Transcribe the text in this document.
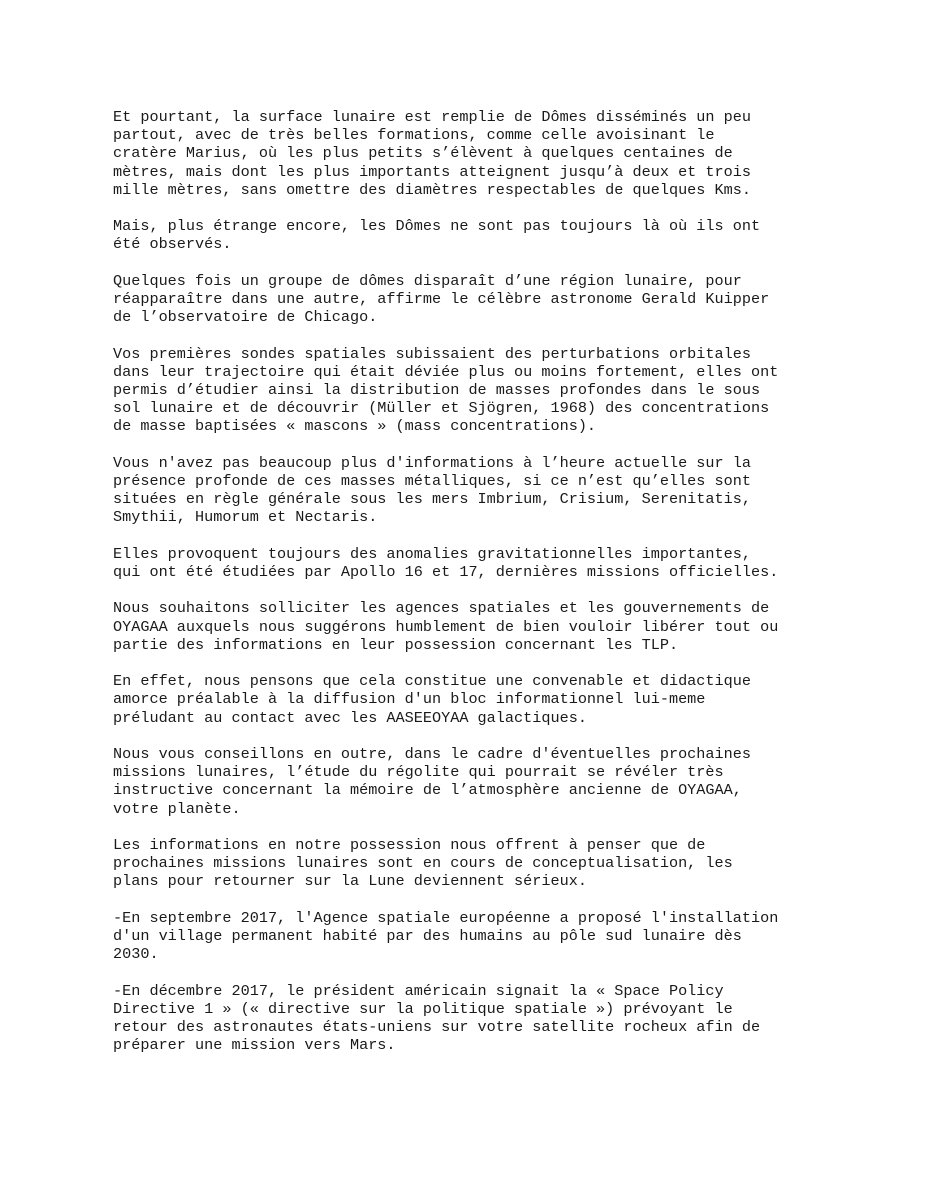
Et pourtant, la surface lunaire est remplie de Dômes disséminés un peu
partout, avec de très belles formations, comme celle avoisinant le
cratère Marius, où les plus petits s’élèvent à quelques centaines de
mètres, mais dont les plus importants atteignent jusqu’à deux et trois
mille mètres, sans omettre des diamètres respectables de quelques Kms.
Mais, plus étrange encore, les Dômes ne sont pas toujours là où ils ont
été observés.
Quelques fois un groupe de dômes disparaît d’une région lunaire, pour
réapparaître dans une autre, affirme le célèbre astronome Gerald Kuipper
de l’observatoire de Chicago.
Vos premières sondes spatiales subissaient des perturbations orbitales
dans leur trajectoire qui était déviée plus ou moins fortement, elles ont
permis d’étudier ainsi la distribution de masses profondes dans le sous
sol lunaire et de découvrir (Müller et Sjögren, 1968) des concentrations
de masse baptisées « mascons » (mass concentrations).
Vous n'avez pas beaucoup plus d'informations à l’heure actuelle sur la
présence profonde de ces masses métalliques, si ce n’est qu’elles sont
situées en règle générale sous les mers Imbrium, Crisium, Serenitatis,
Smythii, Humorum et Nectaris.
Elles provoquent toujours des anomalies gravitationnelles importantes,
qui ont été étudiées par Apollo 16 et 17, dernières missions officielles.
Nous souhaitons solliciter les agences spatiales et les gouvernements de
OYAGAA auxquels nous suggérons humblement de bien vouloir libérer tout ou
partie des informations en leur possession concernant les TLP.
En effet, nous pensons que cela constitue une convenable et didactique
amorce préalable à la diffusion d'un bloc informationnel lui-meme
préludant au contact avec les AASEEOYAA galactiques.
Nous vous conseillons en outre, dans le cadre d'éventuelles prochaines
missions lunaires, l’étude du régolite qui pourrait se révéler très
instructive concernant la mémoire de l’atmosphère ancienne de OYAGAA,
votre planète.
Les informations en notre possession nous offrent à penser que de
prochaines missions lunaires sont en cours de conceptualisation, les
plans pour retourner sur la Lune deviennent sérieux.
-En septembre 2017, l'Agence spatiale européenne a proposé l'installation
d'un village permanent habité par des humains au pôle sud lunaire dès
2030.
-En décembre 2017, le président américain signait la « Space Policy
Directive 1 » (« directive sur la politique spatiale ») prévoyant le
retour des astronautes états-uniens sur votre satellite rocheux afin de
préparer une mission vers Mars.
